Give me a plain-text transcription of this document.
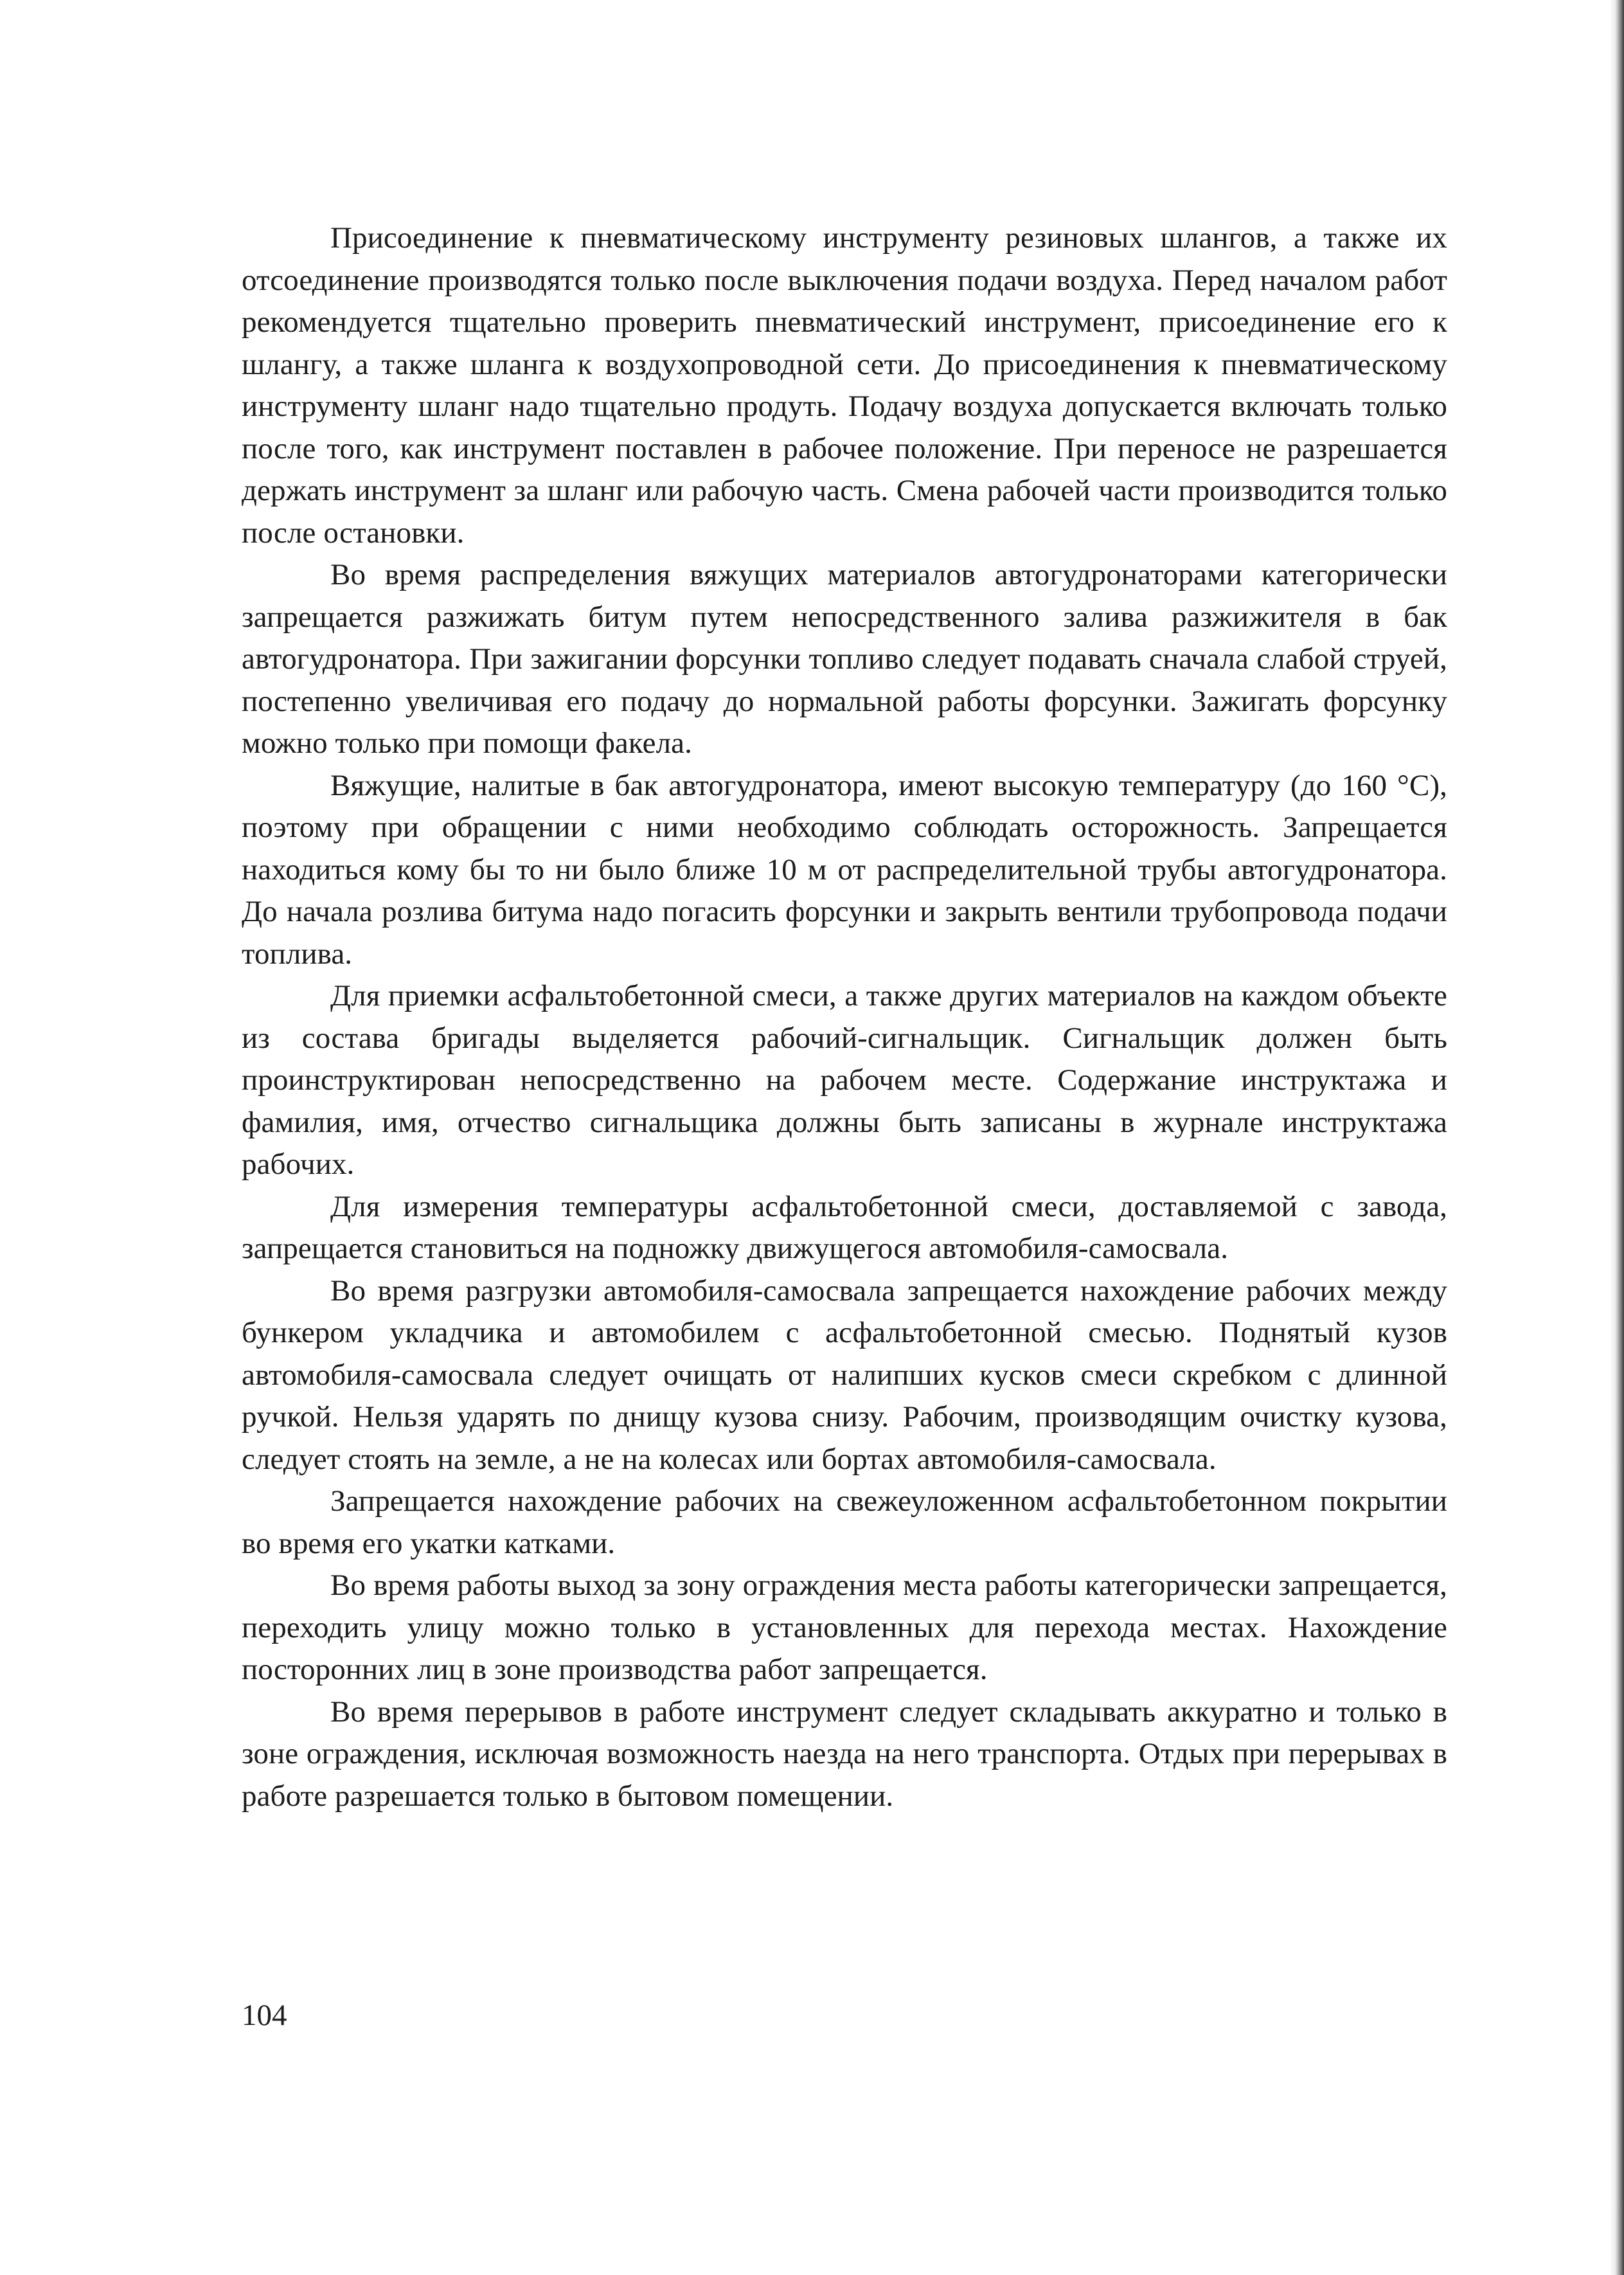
Присоединение к пневматическому инструменту резиновых шлангов, а также их отсоединение производятся только после выключения подачи воздуха. Перед началом работ рекомендуется тщательно проверить пневматический инструмент, присоединение его к шлангу, а также шланга к воздухопроводной сети. До присоединения к пневматическому инструменту шланг надо тщательно продуть. Подачу воздуха допускается включать только после того, как инструмент поставлен в рабочее положение. При переносе не разрешается держать инструмент за шланг или рабочую часть. Смена рабочей части производится только после остановки.

Во время распределения вяжущих материалов автогудронаторами категорически запрещается разжижать битум путем непосредственного залива разжижителя в бак автогудронатора. При зажигании форсунки топливо следует подавать сначала слабой струей, постепенно увеличивая его подачу до нормальной работы форсунки. Зажигать форсунку можно только при помощи факела.

Вяжущие, налитые в бак автогудронатора, имеют высокую температуру (до 160 °С), поэтому при обращении с ними необходимо соблюдать осторожность. Запрещается находиться кому бы то ни было ближе 10 м от распределительной трубы автогудронатора. До начала розлива битума надо погасить форсунки и закрыть вентили трубопровода подачи топлива.

Для приемки асфальтобетонной смеси, а также других материалов на каждом объекте из состава бригады выделяется рабочий-сигнальщик. Сигнальщик должен быть проинструктирован непосредственно на рабочем месте. Содержание инструктажа и фамилия, имя, отчество сигнальщика должны быть записаны в журнале инструктажа рабочих.

Для измерения температуры асфальтобетонной смеси, доставляемой с завода, запрещается становиться на подножку движущегося автомобиля-самосвала.

Во время разгрузки автомобиля-самосвала запрещается нахождение рабочих между бункером укладчика и автомобилем с асфальтобетонной смесью. Поднятый кузов автомобиля-самосвала следует очищать от налипших кусков смеси скребком с длинной ручкой. Нельзя ударять по днищу кузова снизу. Рабочим, производящим очистку кузова, следует стоять на земле, а не на колесах или бортах автомобиля-самосвала.

Запрещается нахождение рабочих на свежеуложенном асфальтобетонном покрытии во время его укатки катками.

Во время работы выход за зону ограждения места работы категорически запрещается, переходить улицу можно только в установленных для перехода местах. Нахождение посторонних лиц в зоне производства работ запрещается.

Во время перерывов в работе инструмент следует складывать аккуратно и только в зоне ограждения, исключая возможность наезда на него транспорта. Отдых при перерывах в работе разрешается только в бытовом помещении.

104
